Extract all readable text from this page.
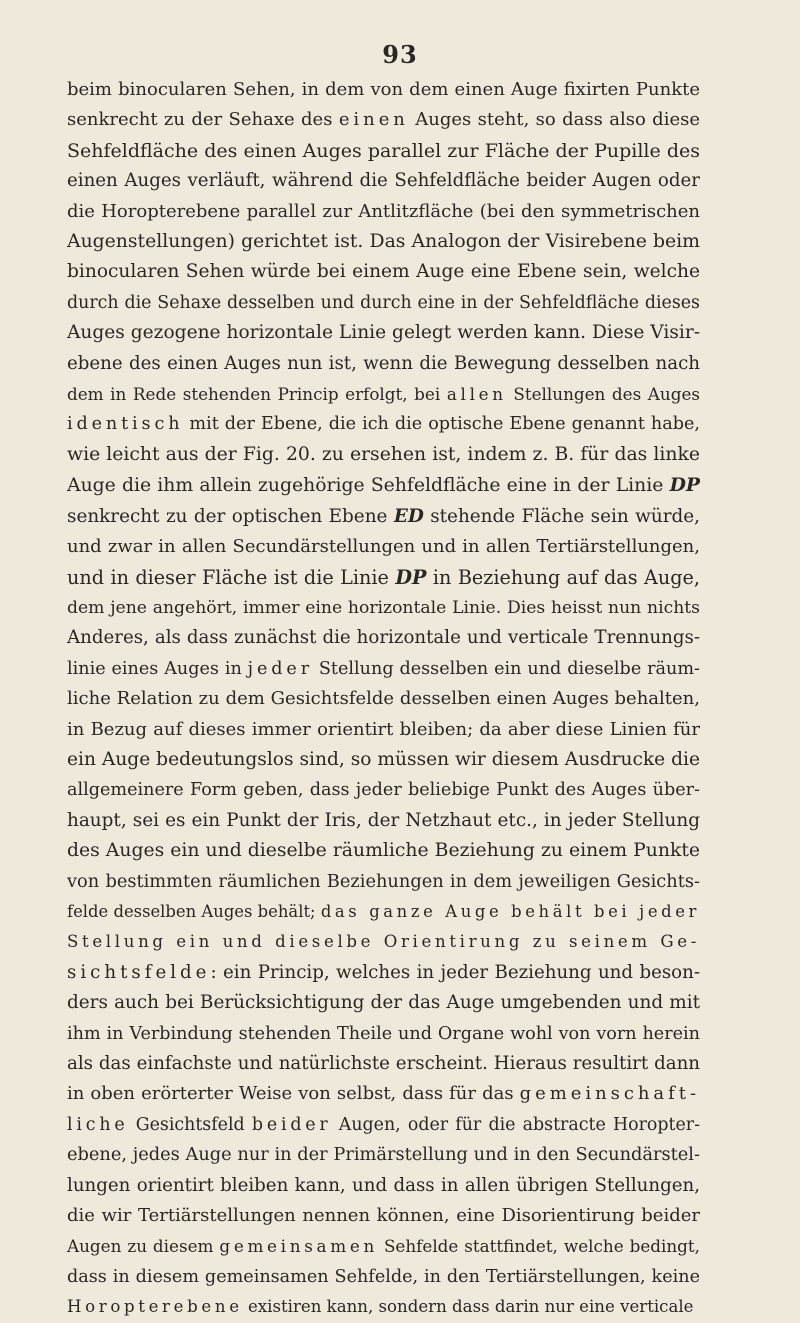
93
beim binocularen Sehen, in dem von dem einen Auge fixirten Punkte
senkrecht zu der Sehaxe des einen Auges steht, so dass also diese
Sehfeldfläche des einen Auges parallel zur Fläche der Pupille des
einen Auges verläuft, während die Sehfeldfläche beider Augen oder
die Horopterebene parallel zur Antlitzfläche (bei den symmetrischen
Augenstellungen) gerichtet ist. Das Analogon der Visirebene beim
binocularen Sehen würde bei einem Auge eine Ebene sein, welche
durch die Sehaxe desselben und durch eine in der Sehfeldfläche dieses
Auges gezogene horizontale Linie gelegt werden kann. Diese Visir-
ebene des einen Auges nun ist, wenn die Bewegung desselben nach
dem in Rede stehenden Princip erfolgt, bei allen Stellungen des Auges
identisch mit der Ebene, die ich die optische Ebene genannt habe,
wie leicht aus der Fig. 20. zu ersehen ist, indem z. B. für das linke
Auge die ihm allein zugehörige Sehfeldfläche eine in der Linie DP
senkrecht zu der optischen Ebene ED stehende Fläche sein würde,
und zwar in allen Secundärstellungen und in allen Tertiärstellungen,
und in dieser Fläche ist die Linie DP in Beziehung auf das Auge,
dem jene angehört, immer eine horizontale Linie. Dies heisst nun nichts
Anderes, als dass zunächst die horizontale und verticale Trennungs-
linie eines Auges in jeder Stellung desselben ein und dieselbe räum-
liche Relation zu dem Gesichtsfelde desselben einen Auges behalten,
in Bezug auf dieses immer orientirt bleiben; da aber diese Linien für
ein Auge bedeutungslos sind, so müssen wir diesem Ausdrucke die
allgemeinere Form geben, dass jeder beliebige Punkt des Auges über-
haupt, sei es ein Punkt der Iris, der Netzhaut etc., in jeder Stellung
des Auges ein und dieselbe räumliche Beziehung zu einem Punkte
von bestimmten räumlichen Beziehungen in dem jeweiligen Gesichts-
felde desselben Auges behält; das ganze Auge behält bei jeder
Stellung ein und dieselbe Orientirung zu seinem Ge-
sichtsfelde: ein Princip, welches in jeder Beziehung und beson-
ders auch bei Berücksichtigung der das Auge umgebenden und mit
ihm in Verbindung stehenden Theile und Organe wohl von vorn herein
als das einfachste und natürlichste erscheint. Hieraus resultirt dann
in oben erörterter Weise von selbst, dass für das gemeinschaft-
liche Gesichtsfeld beider Augen, oder für die abstracte Horopter-
ebene, jedes Auge nur in der Primärstellung und in den Secundärstel-
lungen orientirt bleiben kann, und dass in allen übrigen Stellungen,
die wir Tertiärstellungen nennen können, eine Disorientirung beider
Augen zu diesem gemeinsamen Sehfelde stattfindet, welche bedingt,
dass in diesem gemeinsamen Sehfelde, in den Tertiärstellungen, keine
Horopterebene existiren kann, sondern dass darin nur eine verticale
